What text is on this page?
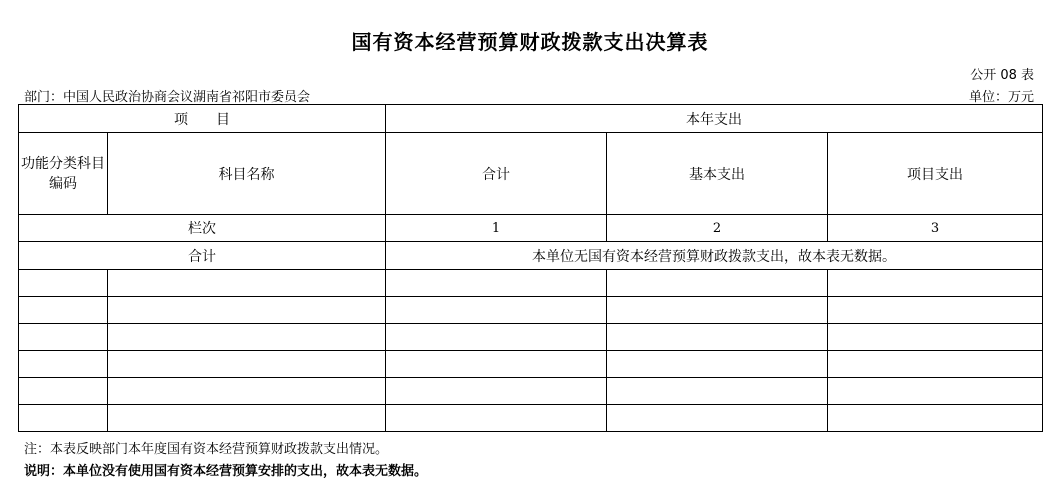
国有资本经营预算财政拨款支出决算表
公开 08 表
部门：中国人民政治协商会议湖南省祁阳市委员会	单位：万元
项　　目		本年支出		
功能分类科目编码	科目名称	合计	基本支出	项目支出
栏次		1	2	3
合计		本单位无国有资本经营预算财政拨款支出，故本表无数据。		

注：本表反映部门本年度国有资本经营预算财政拨款支出情况。
说明：本单位没有使用国有资本经营预算安排的支出，故本表无数据。
